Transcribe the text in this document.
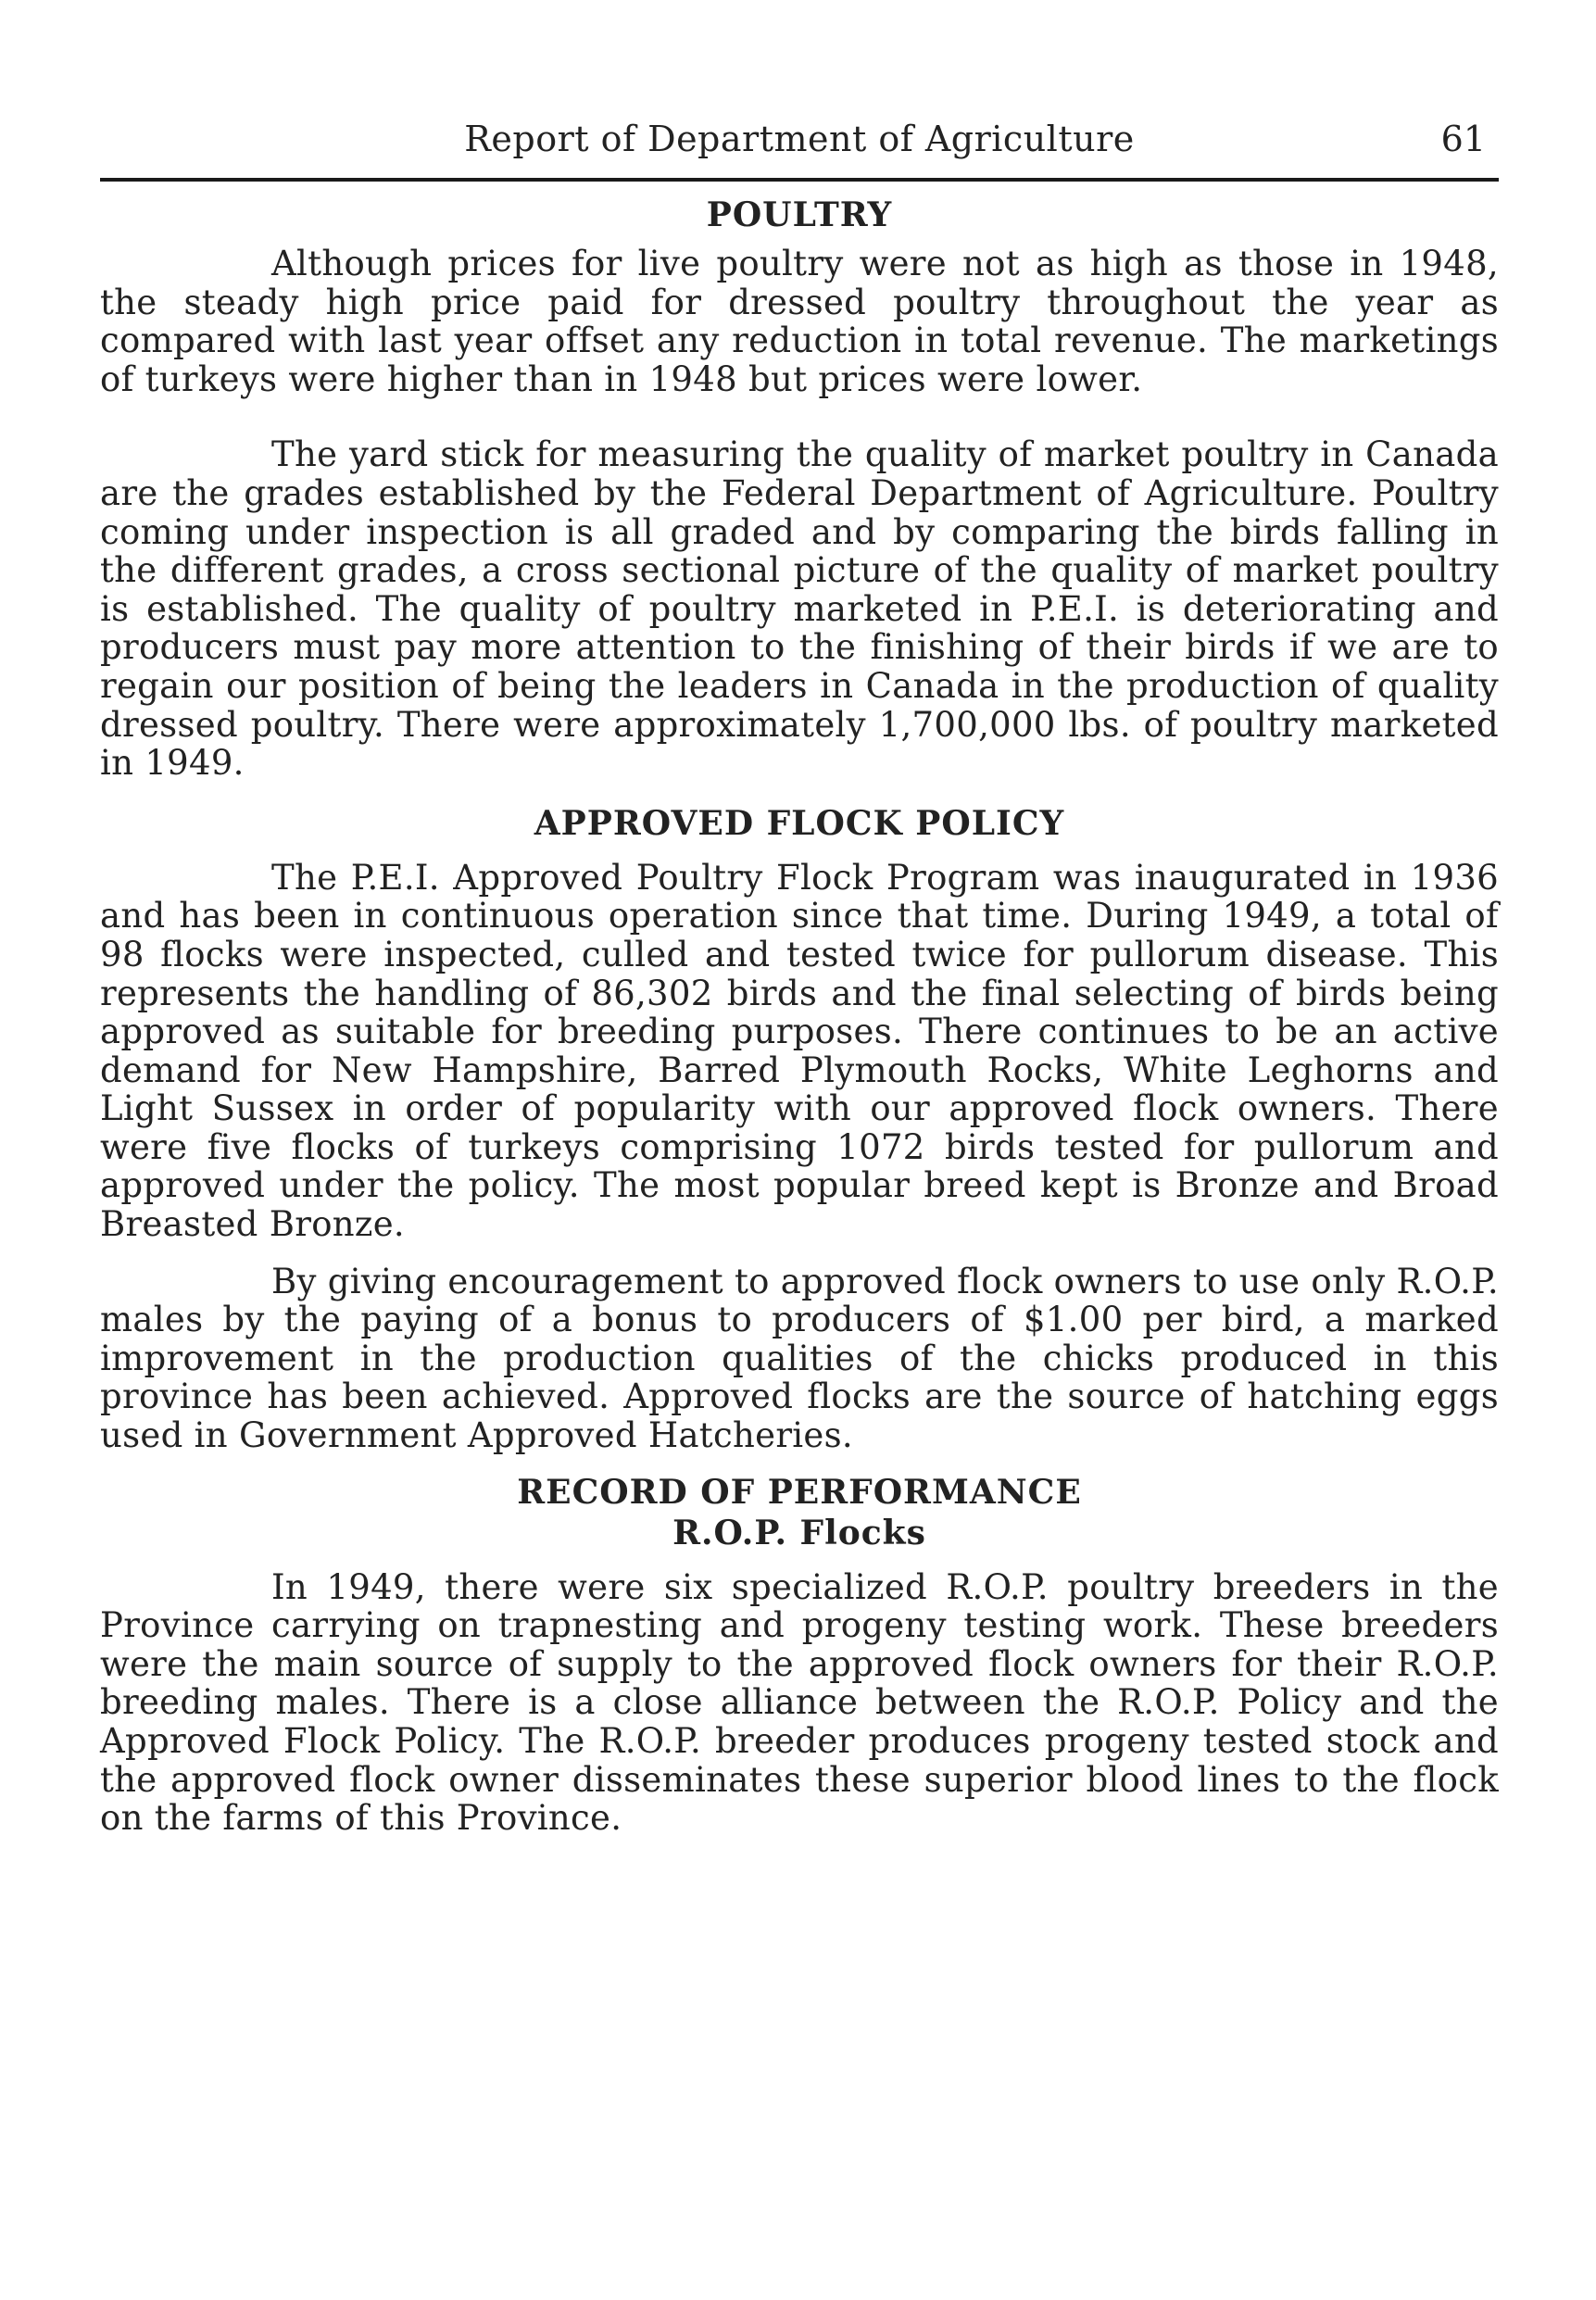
Report of Department of Agriculture	61
POULTRY

Although prices for live poultry were not as high as those in 1948, the steady high price paid for dressed poultry throughout the year as compared with last year offset any reduction in total revenue. The marketings of turkeys were higher than in 1948 but prices were lower.

The yard stick for measuring the quality of market poultry in Canada are the grades established by the Federal Department of Agriculture. Poultry coming under inspection is all graded and by comparing the birds falling in the different grades, a cross sectional picture of the quality of market poultry is established. The quality of poultry marketed in P.E.I. is deteriorating and producers must pay more attention to the finishing of their birds if we are to regain our position of being the leaders in Canada in the production of quality dressed poultry. There were approximately 1,700,000 lbs. of poultry marketed in 1949.

APPROVED FLOCK POLICY

The P.E.I. Approved Poultry Flock Program was inaugurated in 1936 and has been in continuous operation since that time. During 1949, a total of 98 flocks were inspected, culled and tested twice for pullorum disease. This represents the handling of 86,302 birds and the final selecting of birds being approved as suitable for breeding purposes. There continues to be an active demand for New Hampshire, Barred Plymouth Rocks, White Leghorns and Light Sussex in order of popularity with our approved flock owners. There were five flocks of turkeys comprising 1072 birds tested for pullorum and approved under the policy. The most popular breed kept is Bronze and Broad Breasted Bronze.

By giving encouragement to approved flock owners to use only R.O.P. males by the paying of a bonus to producers of $1.00 per bird, a marked improvement in the production qualities of the chicks produced in this province has been achieved. Approved flocks are the source of hatching eggs used in Government Approved Hatcheries.

RECORD OF PERFORMANCE
R.O.P. Flocks

In 1949, there were six specialized R.O.P. poultry breeders in the Province carrying on trapnesting and progeny testing work. These breeders were the main source of supply to the approved flock owners for their R.O.P. breeding males. There is a close alliance between the R.O.P. Policy and the Approved Flock Policy. The R.O.P. breeder produces progeny tested stock and the approved flock owner disseminates these superior blood lines to the flock on the farms of this Province.
